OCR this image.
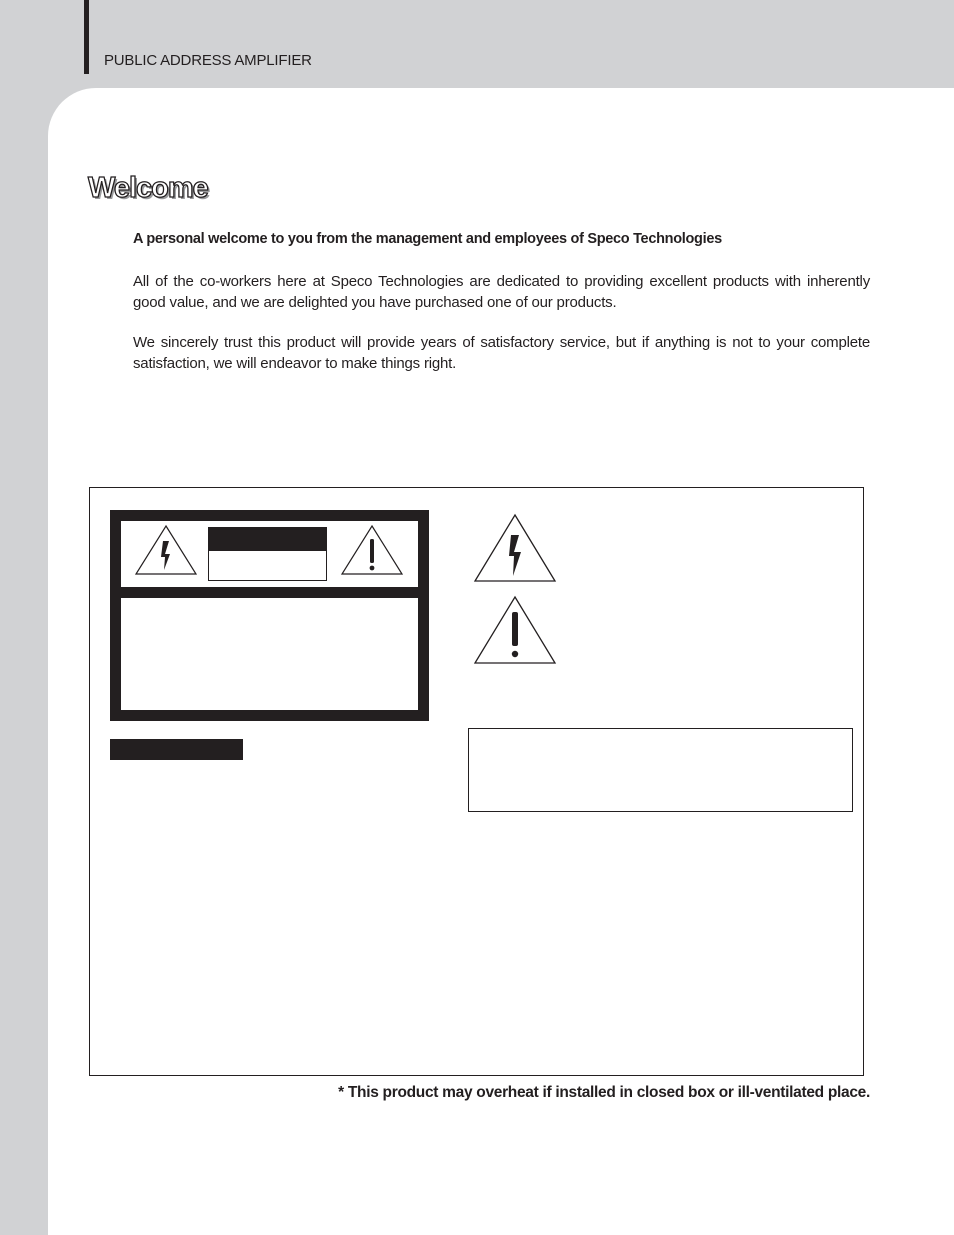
PUBLIC ADDRESS AMPLIFIER
Welcome
A personal welcome to you from the management and employees of Speco Technologies

All of the co-workers here at Speco Technologies are dedicated to providing excellent products with inherently good value, and we are delighted you have purchased one of our products.

We sincerely trust this product will provide years of satisfactory service, but if anything is not to your complete satisfaction, we will endeavor to make things right.

* This product may overheat if installed in closed box or ill-ventilated place.
